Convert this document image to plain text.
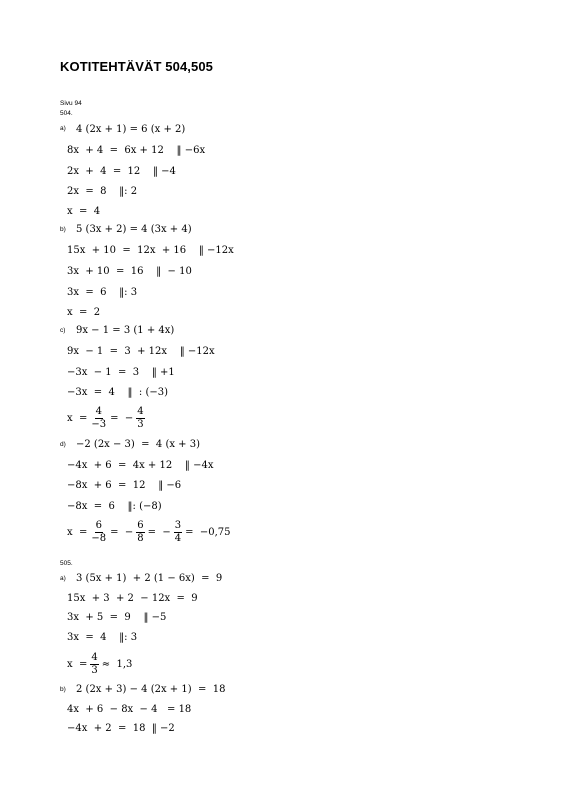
KOTITEHTÄVÄT 504,505
Sivu 94
504.
a) 4 (2x + 1) = 6 (x + 2)
8x  + 4  =  6x + 12    ‖ −6x
2x  +  4  =  12    ‖ −4
2x  =  8    ‖: 2
x  =  4
b) 5 (3x + 2) = 4 (3x + 4)
15x  + 10  =  12x  + 16    ‖ −12x
3x  + 10  =  16    ‖  − 10
3x  =  6    ‖: 3
x  =  2
c) 9x − 1 = 3 (1 + 4x)
9x  − 1  =  3  + 12x    ‖ −12x
−3x  − 1  =  3    ‖ +1
−3x  =  4    ‖  : (−3)
$x = \frac{4}{-3}$ =  − $\frac{4}{3}$
d) −2 (2x − 3)  =  4 (x + 3)
−4x  + 6  =  4x + 12    ‖ −4x
−8x  + 6  =  12    ‖ −6
−8x  =  6    ‖: (−8)
$x = \frac{6}{-8}$ =  − $\frac{6}{8}$ =  − $\frac{3}{4} = -0,75$
505.
a) 3 (5x + 1)  + 2 (1 − 6x)  =  9
15x  + 3  + 2  − 12x  =  9
3x  + 5  =  9    ‖ −5
3x  =  4    ‖: 3
$x = \frac{4}{3} \approx 1,3$
b) 2 (2x + 3) − 4 (2x + 1)  =  18
4x  + 6  − 8x  − 4   = 18
−4x  + 2  =  18  ‖ −2
